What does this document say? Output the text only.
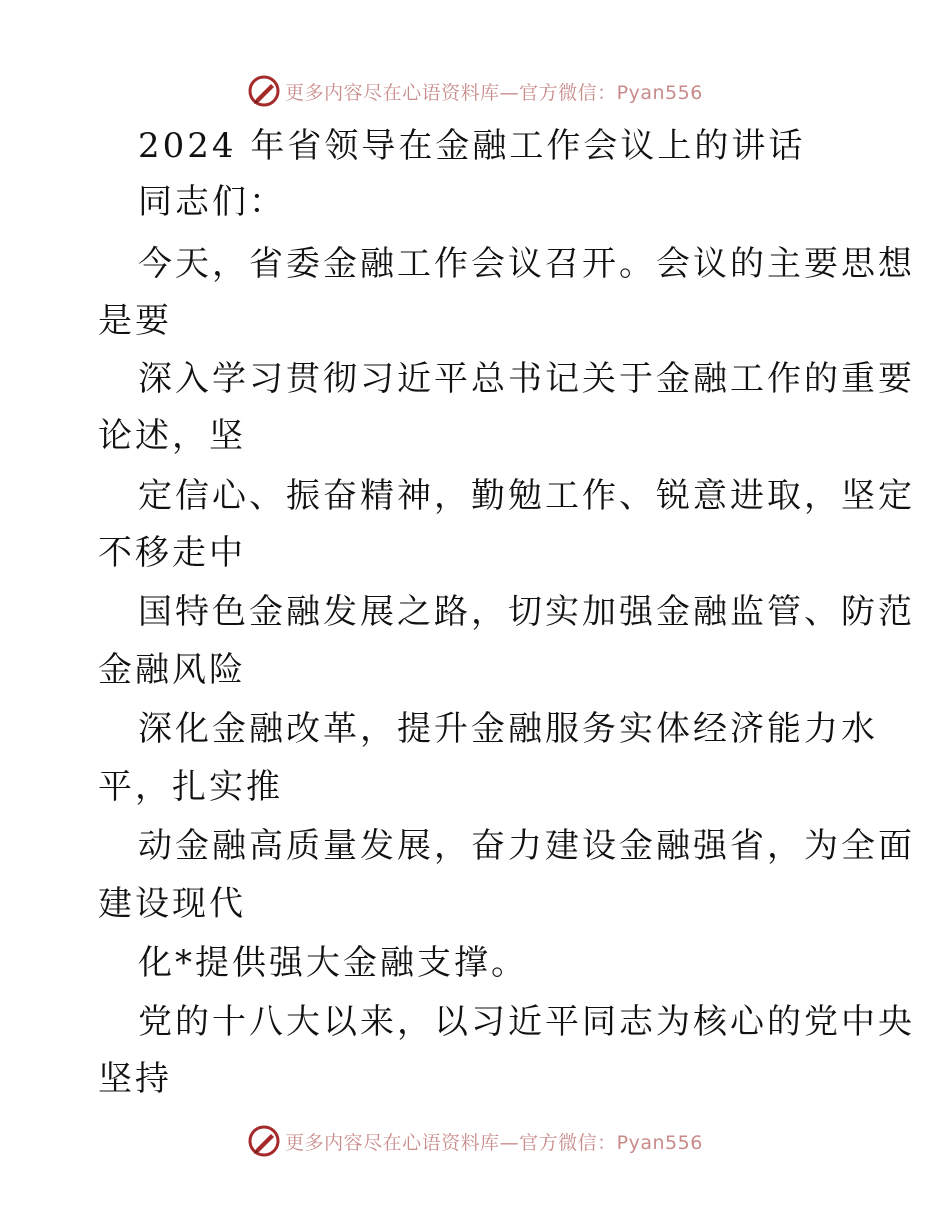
更多内容尽在心语资料库—官方微信：Pyan556
2024 年省领导在金融工作会议上的讲话
同志们：
今天，省委金融工作会议召开。会议的主要思想
是要
深入学习贯彻习近平总书记关于金融工作的重要
论述，坚
定信心、振奋精神，勤勉工作、锐意进取，坚定
不移走中
国特色金融发展之路，切实加强金融监管、防范
金融风险
深化金融改革，提升金融服务实体经济能力水
平，扎实推
动金融高质量发展，奋力建设金融强省，为全面
建设现代
化*提供强大金融支撑。
党的十八大以来，以习近平同志为核心的党中央
坚持
更多内容尽在心语资料库—官方微信：Pyan556
